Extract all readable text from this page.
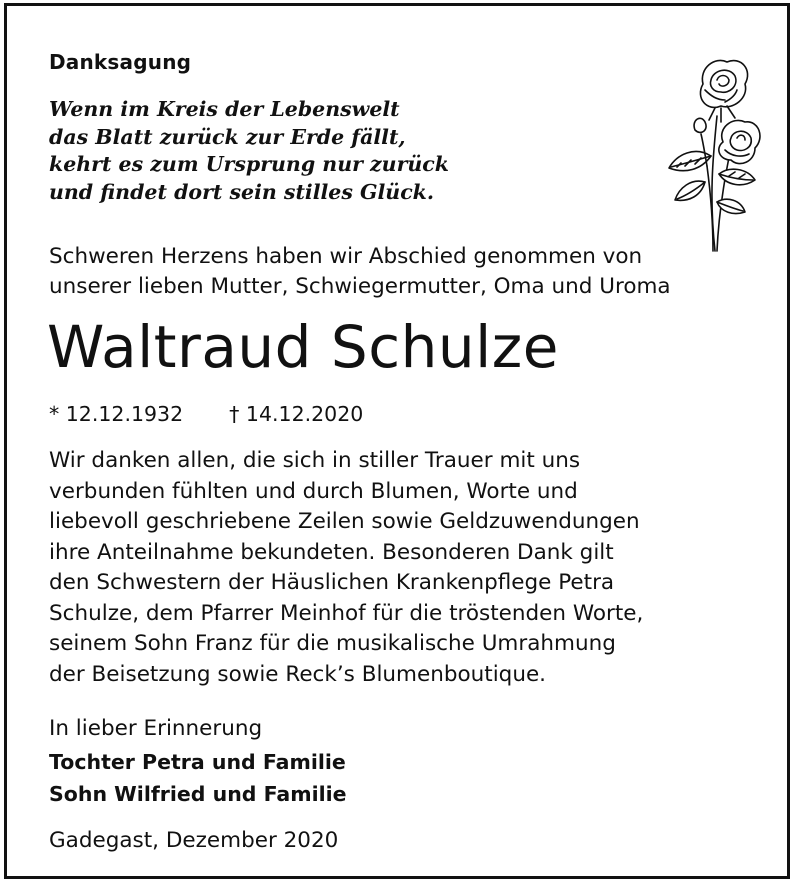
Danksagung
Wenn im Kreis der Lebenswelt
das Blatt zurück zur Erde fällt,
kehrt es zum Ursprung nur zurück
und findet dort sein stilles Glück.
Schweren Herzens haben wir Abschied genommen von
unserer lieben Mutter, Schwiegermutter, Oma und Uroma
Waltraud Schulze
* 12.12.1932 † 14.12.2020
Wir danken allen, die sich in stiller Trauer mit uns
verbunden fühlten und durch Blumen, Worte und
liebevoll geschriebene Zeilen sowie Geldzuwendungen
ihre Anteilnahme bekundeten. Besonderen Dank gilt
den Schwestern der Häuslichen Krankenpflege Petra
Schulze, dem Pfarrer Meinhof für die tröstenden Worte,
seinem Sohn Franz für die musikalische Umrahmung
der Beisetzung sowie Reck’s Blumenboutique.
In lieber Erinnerung
Tochter Petra und Familie
Sohn Wilfried und Familie
Gadegast, Dezember 2020
